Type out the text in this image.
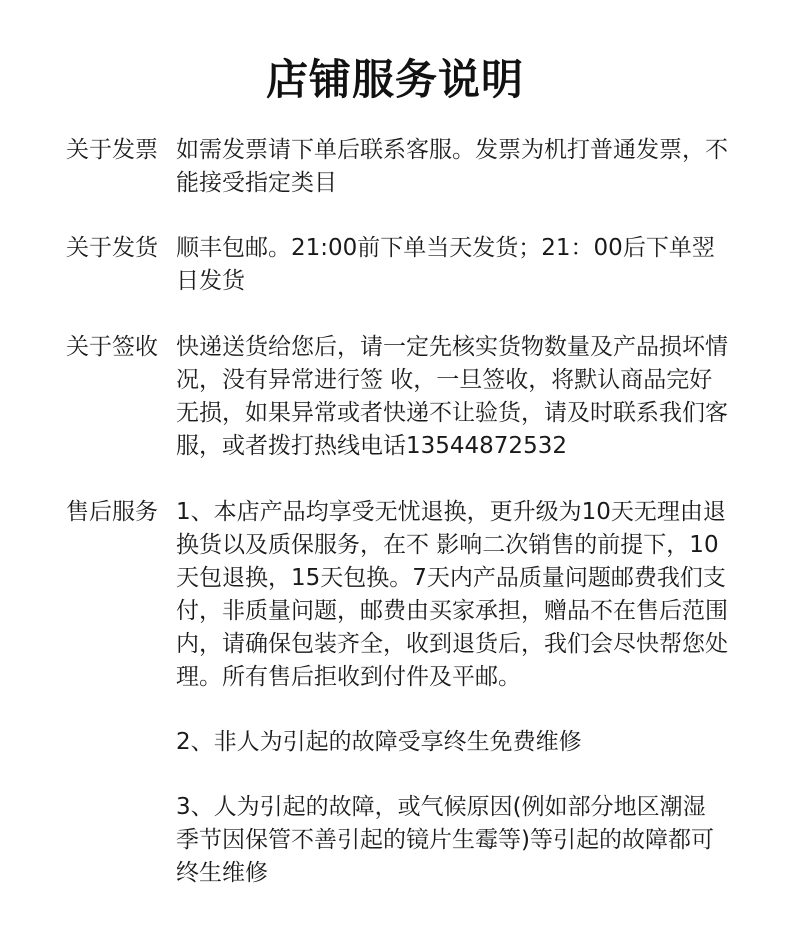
店铺服务说明
关于发票 如需发票请下单后联系客服。发票为机打普通发票，不能接受指定类目

关于发货 顺丰包邮。21:00前下单当天发货；21：00后下单翌日发货

关于签收 快递送货给您后，请一定先核实货物数量及产品损坏情况，没有异常进行签 收，一旦签收，将默认商品完好无损，如果异常或者快递不让验货，请及时联系我们客服，或者拨打热线电话13544872532

售后服务 1、本店产品均享受无忧退换，更升级为10天无理由退换货以及质保服务，在不 影响二次销售的前提下，10天包退换，15天包换。7天内产品质量问题邮费我们支付，非质量问题，邮费由买家承担，赠品不在售后范围内，请确保包装齐全，收到退货后，我们会尽快帮您处理。所有售后拒收到付件及平邮。

2、非人为引起的故障受享终生免费维修

3、人为引起的故障，或气候原因(例如部分地区潮湿季节因保管不善引起的镜片生霉等)等引起的故障都可终生维修
